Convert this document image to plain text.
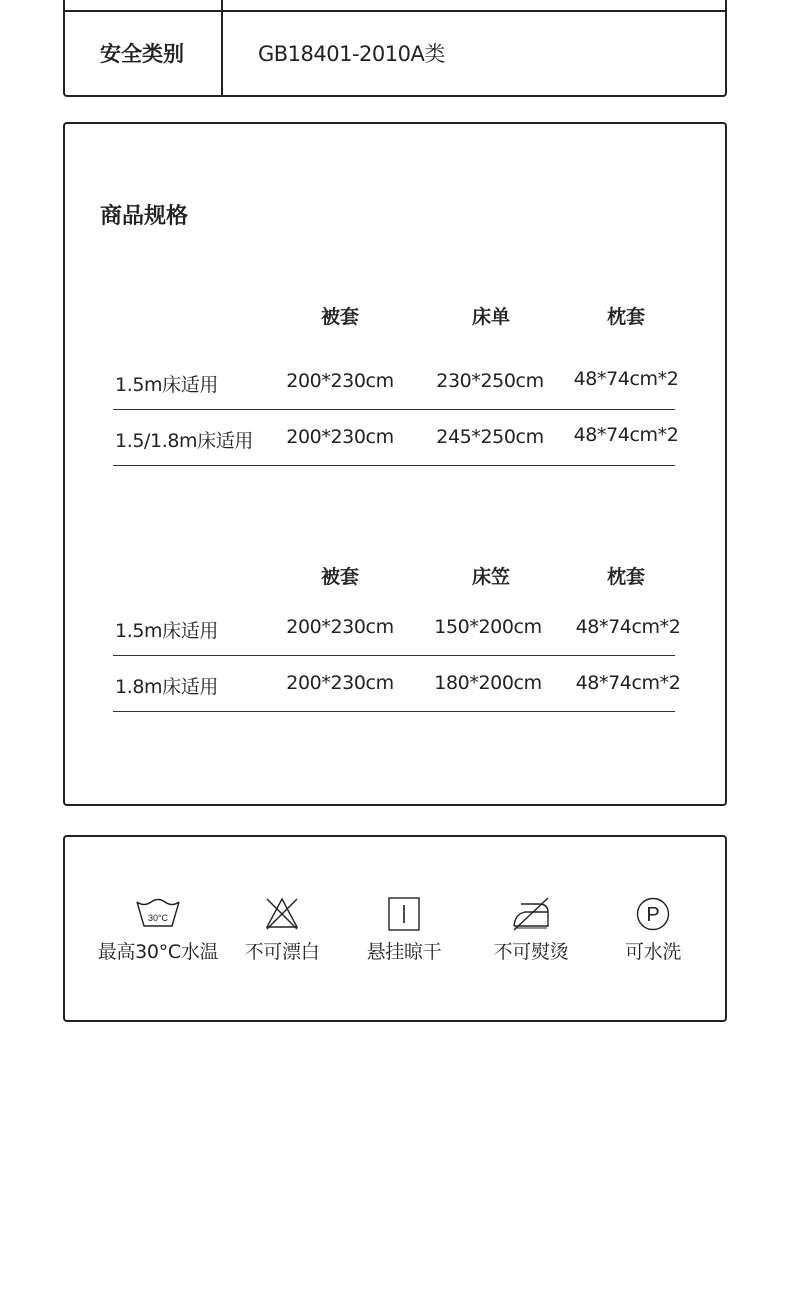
安全类别	GB18401-2010A类
商品规格
被套	床单	枕套
1.5m床适用	200*230cm 230*250cm 48*74cm*2
1.5/1.8m床适用 200*230cm 245*250cm 48*74cm*2
被套	床笠	枕套
1.5m床适用	200*230cm 150*200cm 48*74cm*2
1.8m床适用	200*230cm 180*200cm 48*74cm*2
30°C
最高30°C水温	不可漂白	悬挂晾干	不可熨烫
P
可水洗
